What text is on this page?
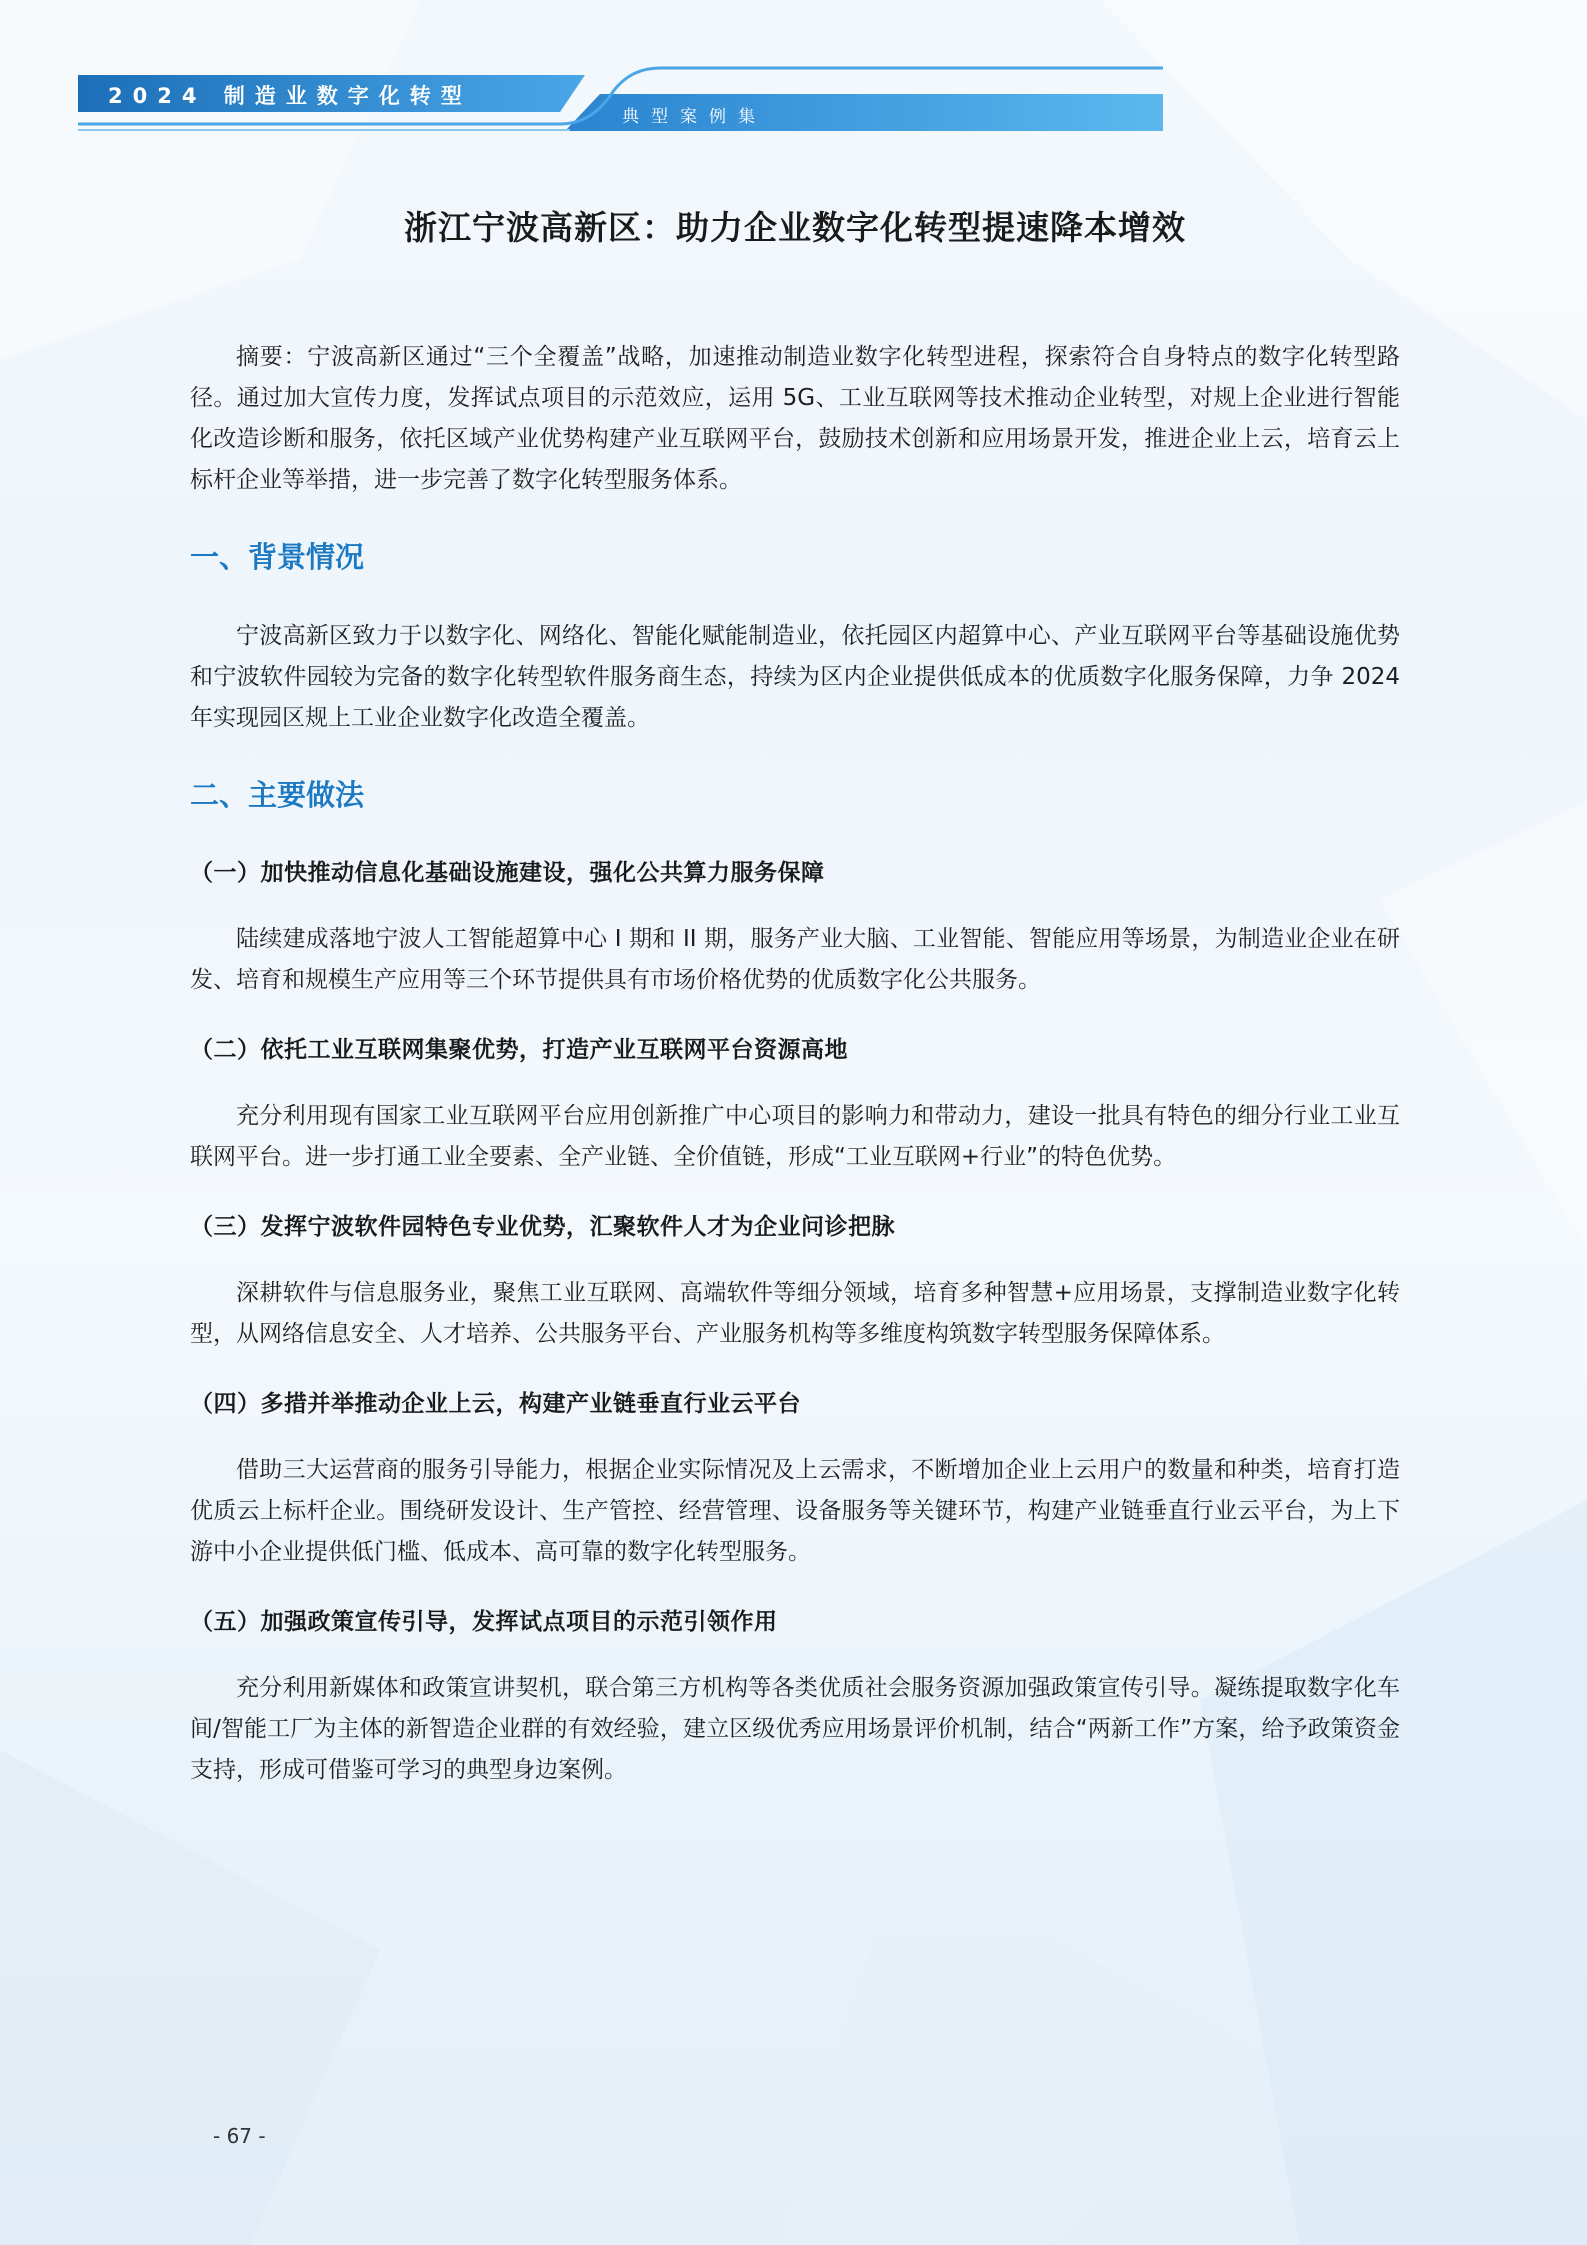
2024 制造业数字化转型
典型案例集
浙江宁波高新区：助力企业数字化转型提速降本增效

摘要：宁波高新区通过“三个全覆盖”战略，加速推动制造业数字化转型进程，探索符合自身特点的数字化转型路径。通过加大宣传力度，发挥试点项目的示范效应，运用 5G、工业互联网等技术推动企业转型，对规上企业进行智能化改造诊断和服务，依托区域产业优势构建产业互联网平台，鼓励技术创新和应用场景开发，推进企业上云，培育云上标杆企业等举措，进一步完善了数字化转型服务体系。

一、背景情况

宁波高新区致力于以数字化、网络化、智能化赋能制造业，依托园区内超算中心、产业互联网平台等基础设施优势和宁波软件园较为完备的数字化转型软件服务商生态，持续为区内企业提供低成本的优质数字化服务保障，力争 2024 年实现园区规上工业企业数字化改造全覆盖。

二、主要做法
（一）加快推动信息化基础设施建设，强化公共算力服务保障

陆续建成落地宁波人工智能超算中心 I 期和 II 期，服务产业大脑、工业智能、智能应用等场景，为制造业企业在研发、培育和规模生产应用等三个环节提供具有市场价格优势的优质数字化公共服务。

（二）依托工业互联网集聚优势，打造产业互联网平台资源高地

充分利用现有国家工业互联网平台应用创新推广中心项目的影响力和带动力，建设一批具有特色的细分行业工业互联网平台。进一步打通工业全要素、全产业链、全价值链，形成“工业互联网+行业”的特色优势。

（三）发挥宁波软件园特色专业优势，汇聚软件人才为企业问诊把脉

深耕软件与信息服务业，聚焦工业互联网、高端软件等细分领域，培育多种智慧+应用场景，支撑制造业数字化转型，从网络信息安全、人才培养、公共服务平台、产业服务机构等多维度构筑数字转型服务保障体系。

（四）多措并举推动企业上云，构建产业链垂直行业云平台

借助三大运营商的服务引导能力，根据企业实际情况及上云需求，不断增加企业上云用户的数量和种类，培育打造优质云上标杆企业。围绕研发设计、生产管控、经营管理、设备服务等关键环节，构建产业链垂直行业云平台，为上下游中小企业提供低门槛、低成本、高可靠的数字化转型服务。

（五）加强政策宣传引导，发挥试点项目的示范引领作用

充分利用新媒体和政策宣讲契机，联合第三方机构等各类优质社会服务资源加强政策宣传引导。凝练提取数字化车间/智能工厂为主体的新智造企业群的有效经验，建立区级优秀应用场景评价机制，结合“两新工作”方案，给予政策资金支持，形成可借鉴可学习的典型身边案例。

- 67 -
